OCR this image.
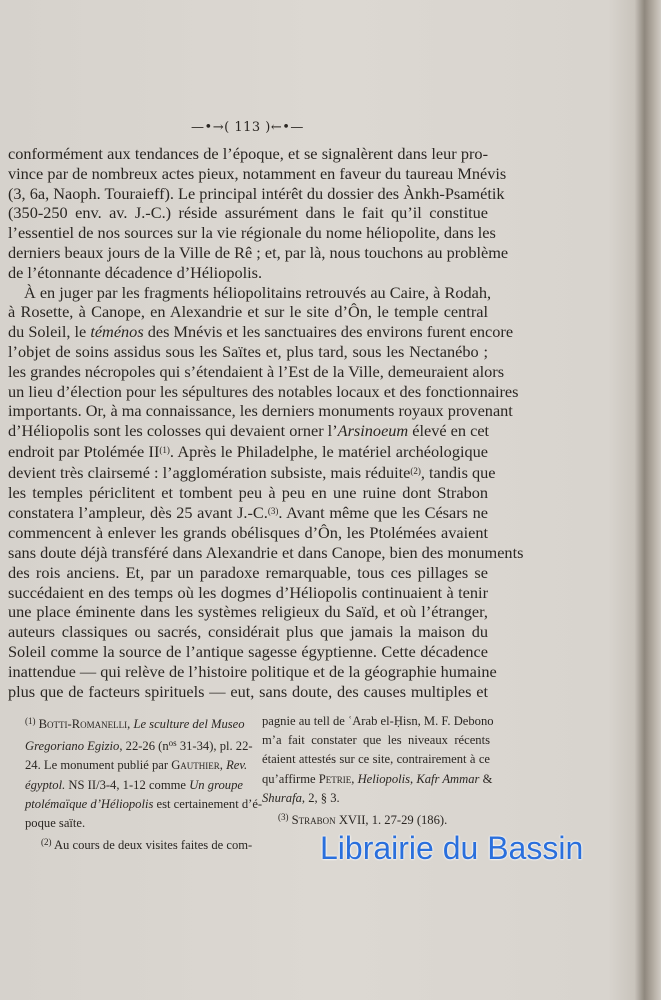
—•→( 113 )←•—
conformément aux tendances de l’époque, et se signalèrent dans leur pro-
vince par de nombreux actes pieux, notamment en faveur du taureau Mnévis
(3, 6a, Naoph. Touraieff). Le principal intérêt du dossier des Ànkh-Psamétik
(350-250 env. av. J.-C.) réside assurément dans le fait qu’il constitue
l’essentiel de nos sources sur la vie régionale du nome héliopolite, dans les
derniers beaux jours de la Ville de Rê ; et, par là, nous touchons au problème
de l’étonnante décadence d’Héliopolis.
À en juger par les fragments héliopolitains retrouvés au Caire, à Rodah,
à Rosette, à Canope, en Alexandrie et sur le site d’Ôn, le temple central
du Soleil, le téménos des Mnévis et les sanctuaires des environs furent encore
l’objet de soins assidus sous les Saïtes et, plus tard, sous les Nectanébo ;
les grandes nécropoles qui s’étendaient à l’Est de la Ville, demeuraient alors
un lieu d’élection pour les sépultures des notables locaux et des fonctionnaires
importants. Or, à ma connaissance, les derniers monuments royaux provenant
d’Héliopolis sont les colosses qui devaient orner l’Arsinoeum élevé en cet
endroit par Ptolémée II$^{(1)}$. Après le Philadelphe, le matériel archéologique
devient très clairsemé : l’agglomération subsiste, mais réduite$^{(2)}$, tandis que
les temples périclitent et tombent peu à peu en une ruine dont Strabon
constatera l’ampleur, dès 25 avant J.-C.$^{(3)}$. Avant même que les Césars ne
commencent à enlever les grands obélisques d’Ôn, les Ptolémées avaient
sans doute déjà transféré dans Alexandrie et dans Canope, bien des monuments
des rois anciens. Et, par un paradoxe remarquable, tous ces pillages se
succédaient en des temps où les dogmes d’Héliopolis continuaient à tenir
une place éminente dans les systèmes religieux du Saïd, et où l’étranger,
auteurs classiques ou sacrés, considérait plus que jamais la maison du
Soleil comme la source de l’antique sagesse égyptienne. Cette décadence
inattendue — qui relève de l’histoire politique et de la géographie humaine
plus que de facteurs spirituels — eut, sans doute, des causes multiples et
$^{(1)}$ Botti-Romanelli, Le sculture del Museo
Gregoriano Egizio, 22-26 ($n^{os}$ 31-34), pl. 22-
24. Le monument publié par Gauthier, Rev.
égyptol. NS II/3-4, 1-12 comme Un groupe
ptolémaïque d’Héliopolis est certainement d’é-
poque saïte.
$^{(2)}$ Au cours de deux visites faites de com-
pagnie au tell de ʿArab el-Ḥisn, M. F. Debono
m’a fait constater que les niveaux récents
étaient attestés sur ce site, contrairement à ce
qu’affirme Petrie, Heliopolis, Kafr Ammar &
Shurafa, 2, § 3.
$^{(3)}$ Strabon XVII, 1. 27-29 (186).
Librairie du Bassin
